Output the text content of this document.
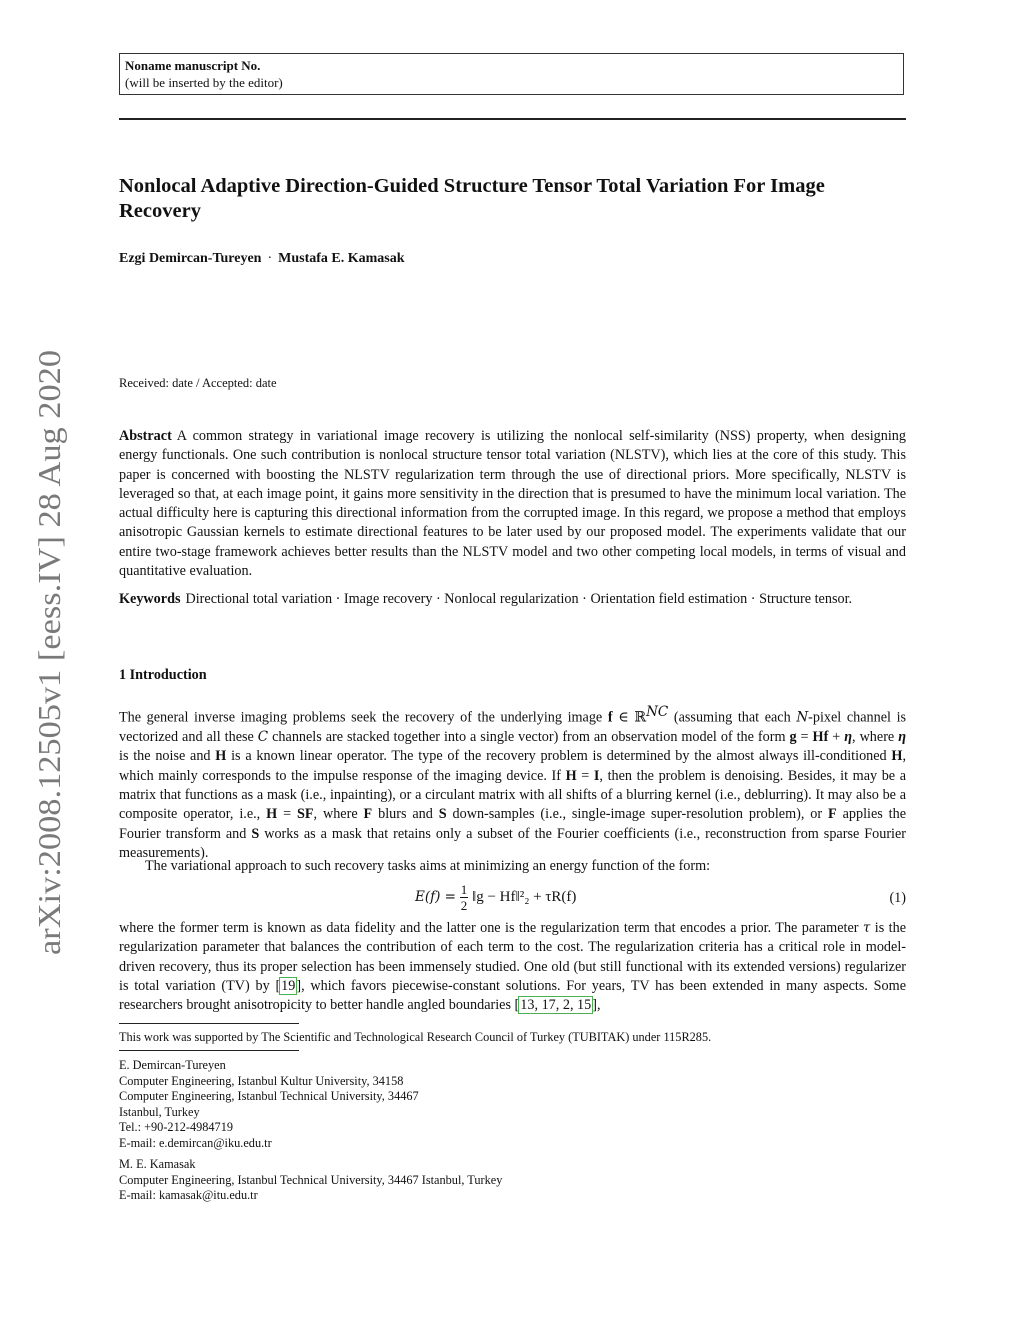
arXiv:2008.12505v1 [eess.IV] 28 Aug 2020
Noname manuscript No.
(will be inserted by the editor)
Nonlocal Adaptive Direction-Guided Structure Tensor Total Variation For Image Recovery
Ezgi Demircan-Tureyen · Mustafa E. Kamasak
Received: date / Accepted: date

Abstract A common strategy in variational image recovery is utilizing the nonlocal self-similarity (NSS) property, when designing energy functionals. One such contribution is nonlocal structure tensor total variation (NLSTV), which lies at the core of this study. This paper is concerned with boosting the NLSTV regularization term through the use of directional priors. More specifically, NLSTV is leveraged so that, at each image point, it gains more sensitivity in the direction that is presumed to have the minimum local variation. The actual difficulty here is capturing this directional information from the corrupted image. In this regard, we propose a method that employs anisotropic Gaussian kernels to estimate directional features to be later used by our proposed model. The experiments validate that our entire two-stage framework achieves better results than the NLSTV model and two other competing local models, in terms of visual and quantitative evaluation.

Keywords Directional total variation · Image recovery · Nonlocal regularization · Orientation field estimation · Structure tensor.

1 Introduction

The general inverse imaging problems seek the recovery of the underlying image f ∈ ℝ$^{NC}$ (assuming that each N-pixel channel is vectorized and all these C channels are stacked together into a single vector) from an observation model of the form g = Hf + η, where η is the noise and H is a known linear operator. The type of the recovery problem is determined by the almost always ill-conditioned H, which mainly corresponds to the impulse response of the imaging device. If H = I, then the problem is denoising. Besides, it may be a matrix that functions as a mask (i.e., inpainting), or a circulant matrix with all shifts of a blurring kernel (i.e., deblurring). It may also be a composite operator, i.e., H = SF, where F blurs and S down-samples (i.e., single-image super-resolution problem), or F applies the Fourier transform and S works as a mask that retains only a subset of the Fourier coefficients (i.e., reconstruction from sparse Fourier measurements).

The variational approach to such recovery tasks aims at minimizing an energy function of the form:

$E(f) = \frac{1}{2}$ ‖g − Hf‖²₂ + τR(f)	(1)

where the former term is known as data fidelity and the latter one is the regularization term that encodes a prior. The parameter τ is the regularization parameter that balances the contribution of each term to the cost. The regularization criteria has a critical role in model-driven recovery, thus its proper selection has been immensely studied. One old (but still functional with its extended versions) regularizer is total variation (TV) by [19], which favors piecewise-constant solutions. For years, TV has been extended in many aspects. Some researchers brought anisotropicity to better handle angled boundaries [13, 17, 2, 15],

This work was supported by The Scientific and Technological Research Council of Turkey (TUBITAK) under 115R285.

E. Demircan-Tureyen
Computer Engineering, Istanbul Kultur University, 34158
Computer Engineering, Istanbul Technical University, 34467
Istanbul, Turkey
Tel.: +90-212-4984719
E-mail: e.demircan@iku.edu.tr

M. E. Kamasak
Computer Engineering, Istanbul Technical University, 34467 Istanbul, Turkey
E-mail: kamasak@itu.edu.tr
